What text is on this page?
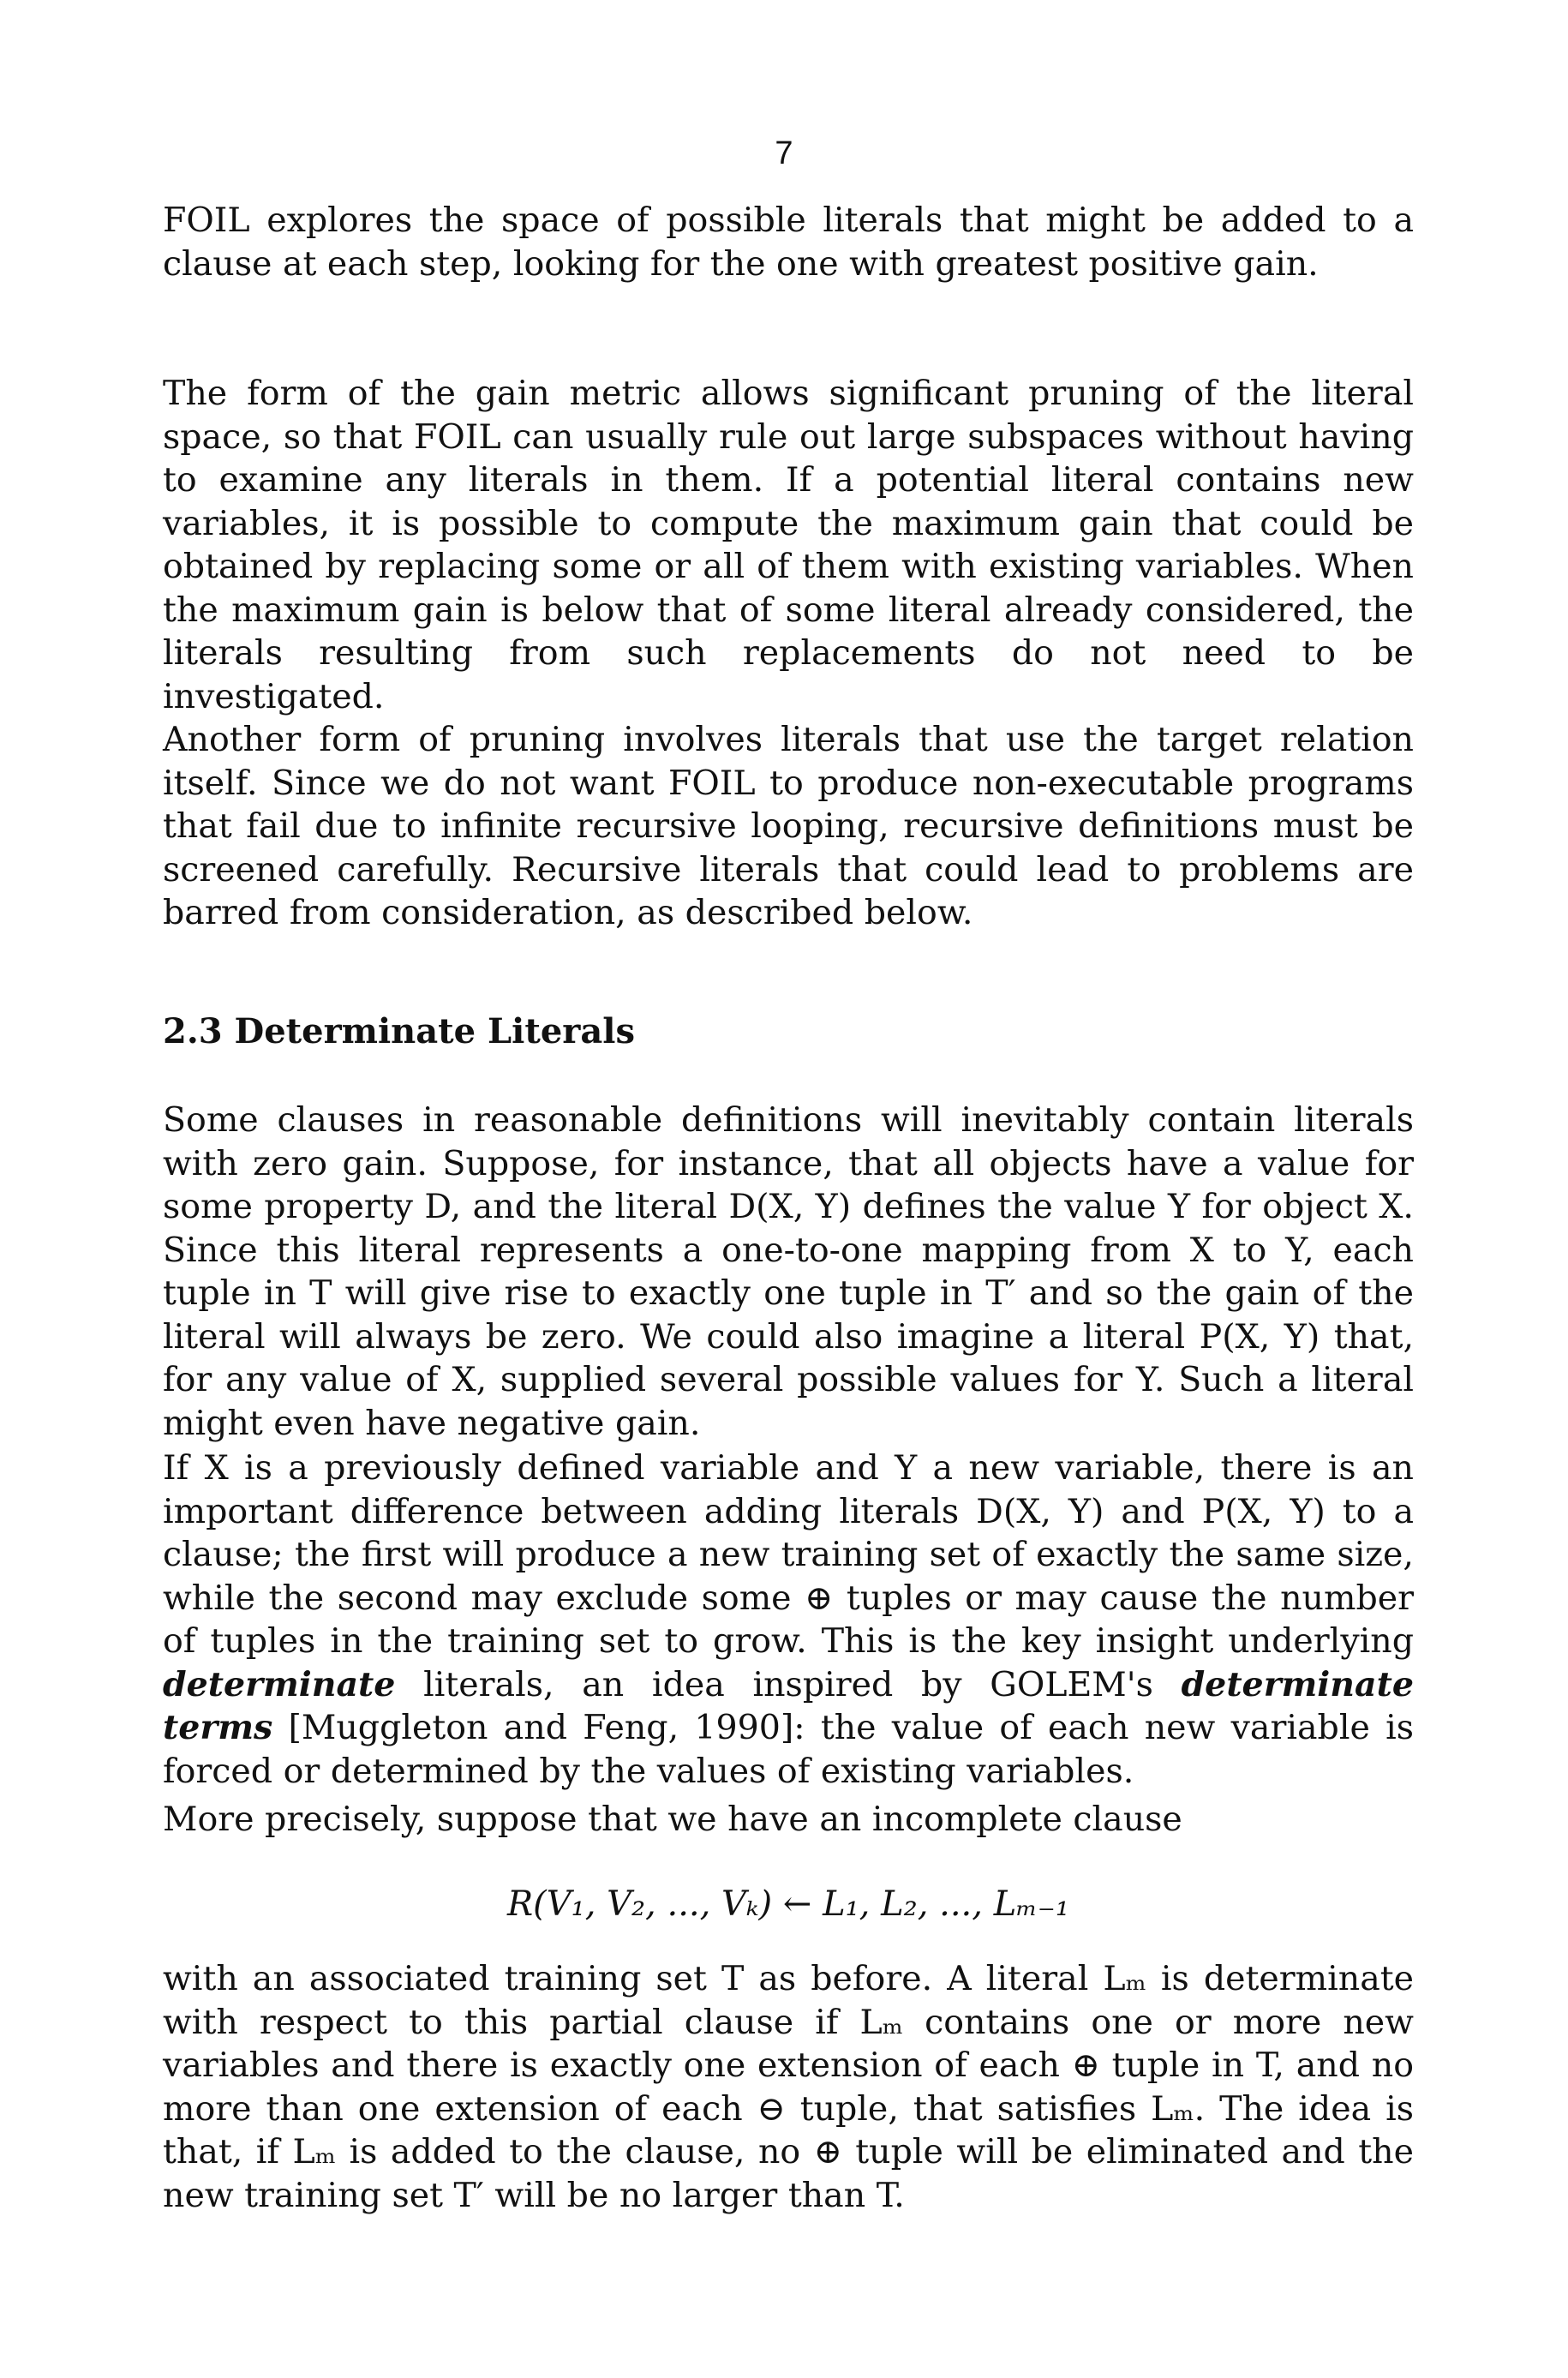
7

FOIL explores the space of possible literals that might be added to a clause at each step, looking for the one with greatest positive gain.

The form of the gain metric allows significant pruning of the literal space, so that FOIL can usually rule out large subspaces without having to examine any literals in them. If a potential literal contains new variables, it is possible to compute the maximum gain that could be obtained by replacing some or all of them with existing variables. When the maximum gain is below that of some literal already considered, the literals resulting from such replacements do not need to be investigated.

Another form of pruning involves literals that use the target relation itself. Since we do not want FOIL to produce non-executable programs that fail due to infinite recursive looping, recursive definitions must be screened carefully. Recursive literals that could lead to problems are barred from consideration, as described below.

2.3 Determinate Literals

Some clauses in reasonable definitions will inevitably contain literals with zero gain. Suppose, for instance, that all objects have a value for some property D, and the literal D(X, Y) defines the value Y for object X. Since this literal represents a one-to-one mapping from X to Y, each tuple in T will give rise to exactly one tuple in T′ and so the gain of the literal will always be zero. We could also imagine a literal P(X, Y) that, for any value of X, supplied several possible values for Y. Such a literal might even have negative gain.

If X is a previously defined variable and Y a new variable, there is an important difference between adding literals D(X, Y) and P(X, Y) to a clause; the first will produce a new training set of exactly the same size, while the second may exclude some ⊕ tuples or may cause the number of tuples in the training set to grow. This is the key insight underlying determinate literals, an idea inspired by GOLEM's determinate terms [Muggleton and Feng, 1990]: the value of each new variable is forced or determined by the values of existing variables.

More precisely, suppose that we have an incomplete clause

R(V₁, V₂, ..., Vₖ) ← L₁, L₂, ..., Lₘ₋₁

with an associated training set T as before. A literal Lₘ is determinate with respect to this partial clause if Lₘ contains one or more new variables and there is exactly one extension of each ⊕ tuple in T, and no more than one extension of each ⊖ tuple, that satisfies Lₘ. The idea is that, if Lₘ is added to the clause, no ⊕ tuple will be eliminated and the new training set T′ will be no larger than T.
